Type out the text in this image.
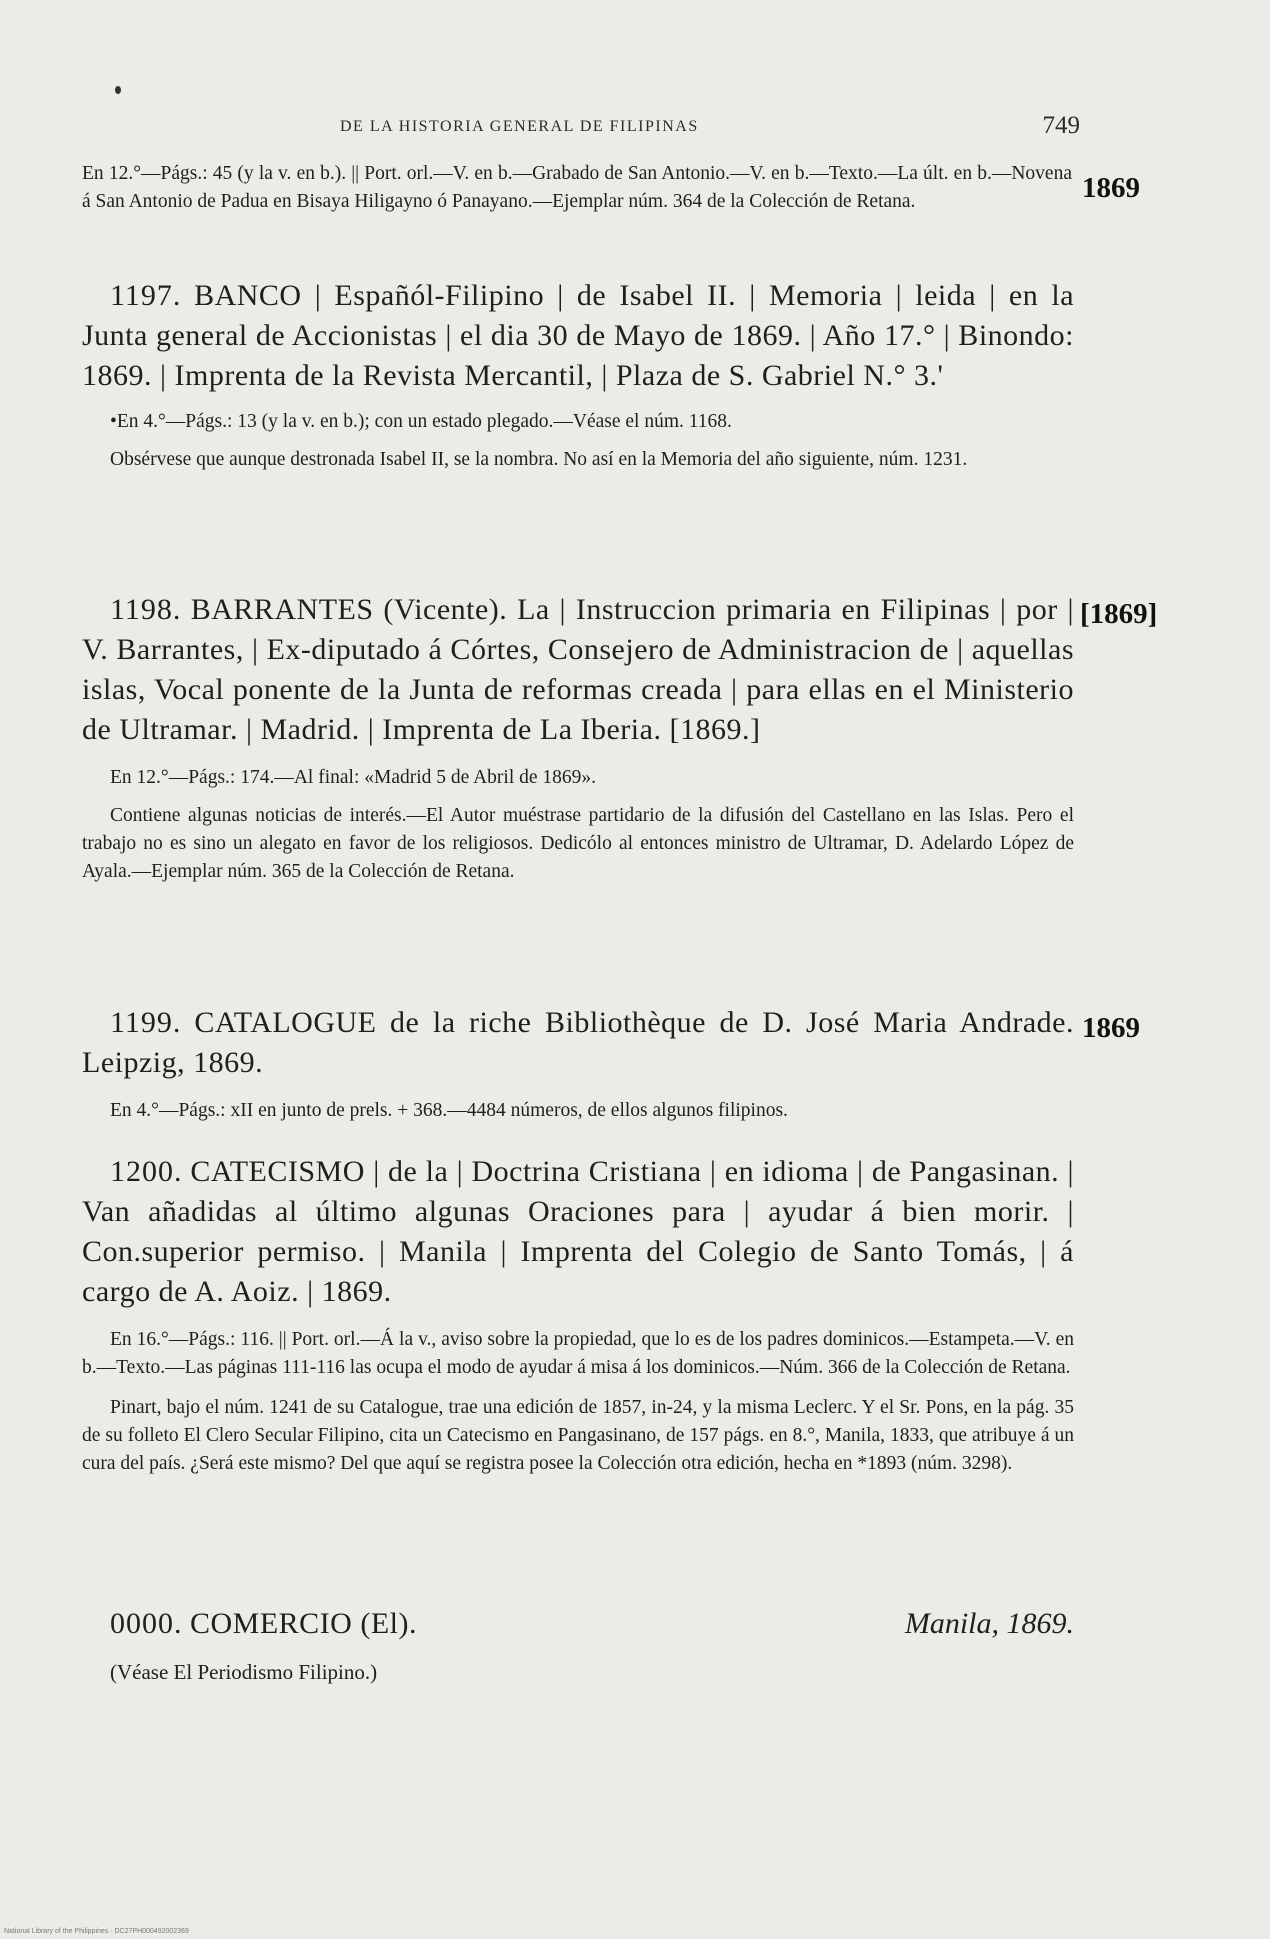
DE LA HISTORIA GENERAL DE FILIPINAS	749

En 12.°—Págs.: 45 (y la v. en b.). || Port. orl.—V. en b.—Grabado de San Antonio.—V. en b.—Texto.—La últ. en b.—Novena á San Antonio de Padua en Bisaya Hiligayno ó Panayano.—Ejemplar núm. 364 de la Colección de Retana.	1869

1197. BANCO | Españól-Filipino | de Isabel II. | Memoria | leida | en la Junta general de Accionistas | el dia 30 de Mayo de 1869. | Año 17.° | Binondo: 1869. | Imprenta de la Revista Mercantil, | Plaza de S. Gabriel N.° 3.'

•En 4.°—Págs.: 13 (y la v. en b.); con un estado plegado.—Véase el núm. 1168.

Obsérvese que aunque destronada Isabel II, se la nombra. No así en la Memoria del año siguiente, núm. 1231.

1198. BARRANTES (Vicente). La | Instruccion primaria en Filipinas | por | V. Barrantes, | Ex-diputado á Córtes, Consejero de Administracion de | aquellas islas, Vocal ponente de la Junta de reformas creada | para ellas en el Ministerio de Ultramar. | Madrid. | Imprenta de La Iberia. [1869.]

En 12.°—Págs.: 174.—Al final: «Madrid 5 de Abril de 1869».

Contiene algunas noticias de interés.—El Autor muéstrase partidario de la difusión del Castellano en las Islas. Pero el trabajo no es sino un alegato en favor de los religiosos. Dedicólo al entonces ministro de Ultramar, D. Adelardo López de Ayala.—Ejemplar núm. 365 de la Colección de Retana.

[1869]

1199. CATALOGUE de la riche Bibliothèque de D. José Maria Andrade. Leipzig, 1869.

En 4.°—Págs.: xII en junto de prels. + 368.—4484 números, de ellos algunos filipinos.

1869

1200. CATECISMO | de la | Doctrina Cristiana | en idioma | de Pangasinan. | Van añadidas al último algunas Oraciones para | ayudar á bien morir. | Con.superior permiso. | Manila | Imprenta del Colegio de Santo Tomás, | á cargo de A. Aoiz. | 1869.

En 16.°—Págs.: 116. || Port. orl.—Á la v., aviso sobre la propiedad, que lo es de los padres dominicos.—Estampeta.—V. en b.—Texto.—Las páginas 111-116 las ocupa el modo de ayudar á misa á los dominicos.—Núm. 366 de la Colección de Retana.

Pinart, bajo el núm. 1241 de su Catalogue, trae una edición de 1857, in-24, y la misma Leclerc. Y el Sr. Pons, en la pág. 35 de su folleto El Clero Secular Filipino, cita un Catecismo en Pangasinano, de 157 págs. en 8.°, Manila, 1833, que atribuye á un cura del país. ¿Será este mismo? Del que aquí se registra posee la Colección otra edición, hecha en *1893 (núm. 3298).

0000. COMERCIO (El).	Manila, 1869.

(Véase El Periodismo Filipino.)

National Library of the Philippines · DC27PH000492002369
